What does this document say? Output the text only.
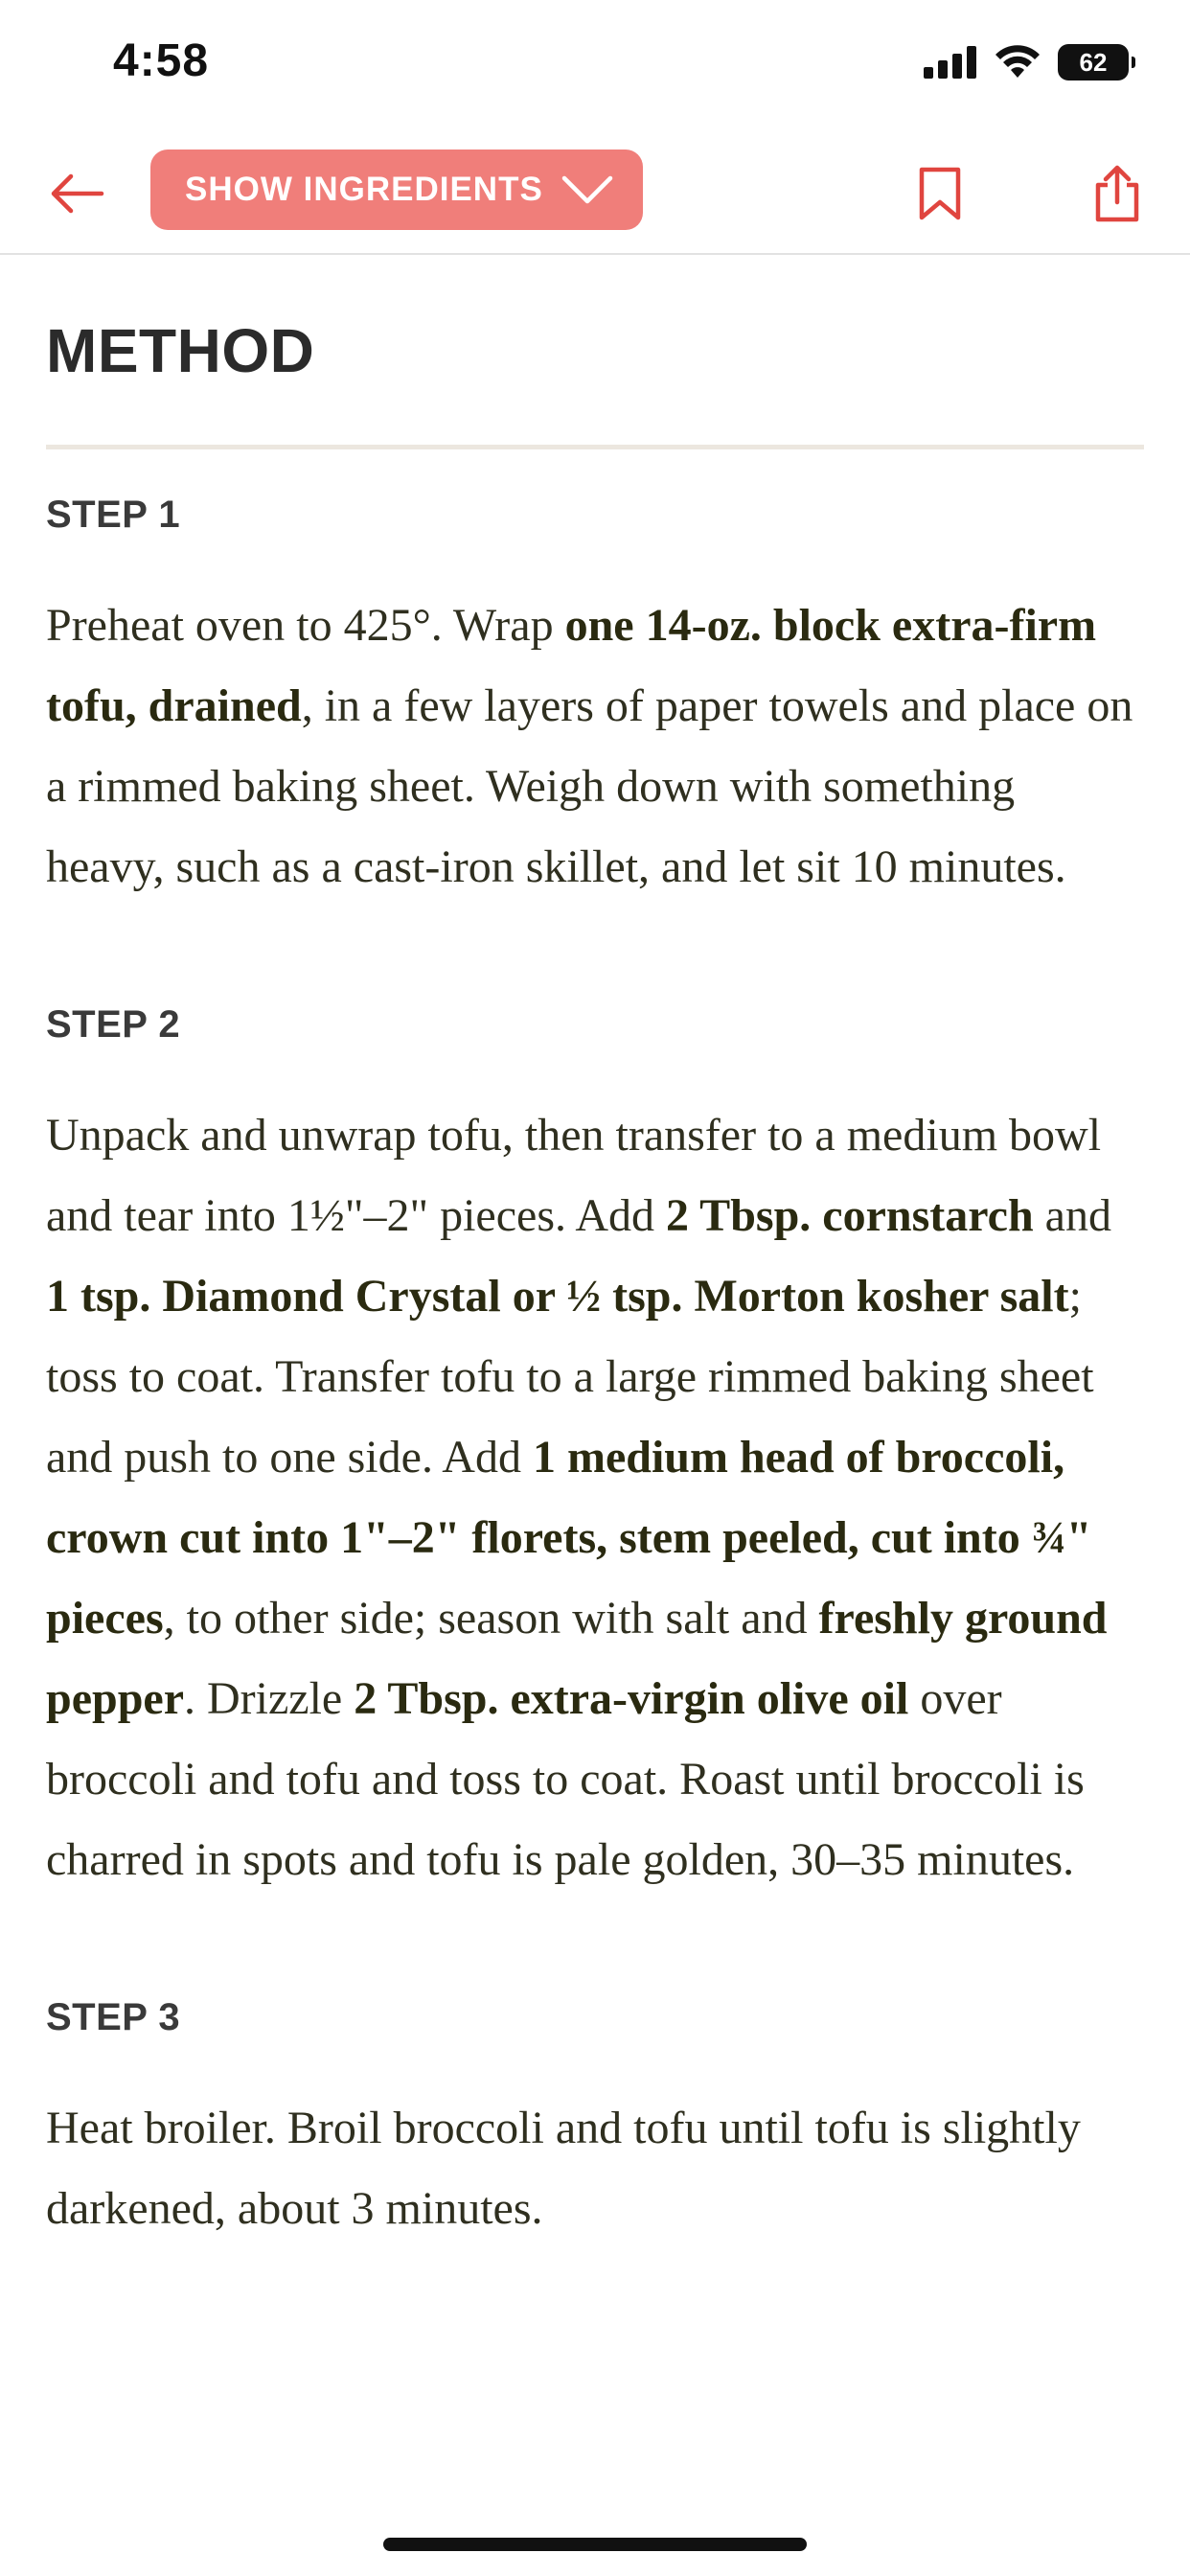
4:58	62
SHOW INGREDIENTS
METHOD
STEP 1

Preheat oven to 425°. Wrap one 14-oz. block extra-firm tofu, drained, in a few layers of paper towels and place on a rimmed baking sheet. Weigh down with something heavy, such as a cast-iron skillet, and let sit 10 minutes.

STEP 2

Unpack and unwrap tofu, then transfer to a medium bowl and tear into 1½"–2" pieces. Add 2 Tbsp. cornstarch and 1 tsp. Diamond Crystal or ½ tsp. Morton kosher salt; toss to coat. Transfer tofu to a large rimmed baking sheet and push to one side. Add 1 medium head of broccoli, crown cut into 1"–2" florets, stem peeled, cut into ¾" pieces, to other side; season with salt and freshly ground pepper. Drizzle 2 Tbsp. extra-virgin olive oil over broccoli and tofu and toss to coat. Roast until broccoli is charred in spots and tofu is pale golden, 30–35 minutes.

STEP 3

Heat broiler. Broil broccoli and tofu until tofu is slightly darkened, about 3 minutes.
